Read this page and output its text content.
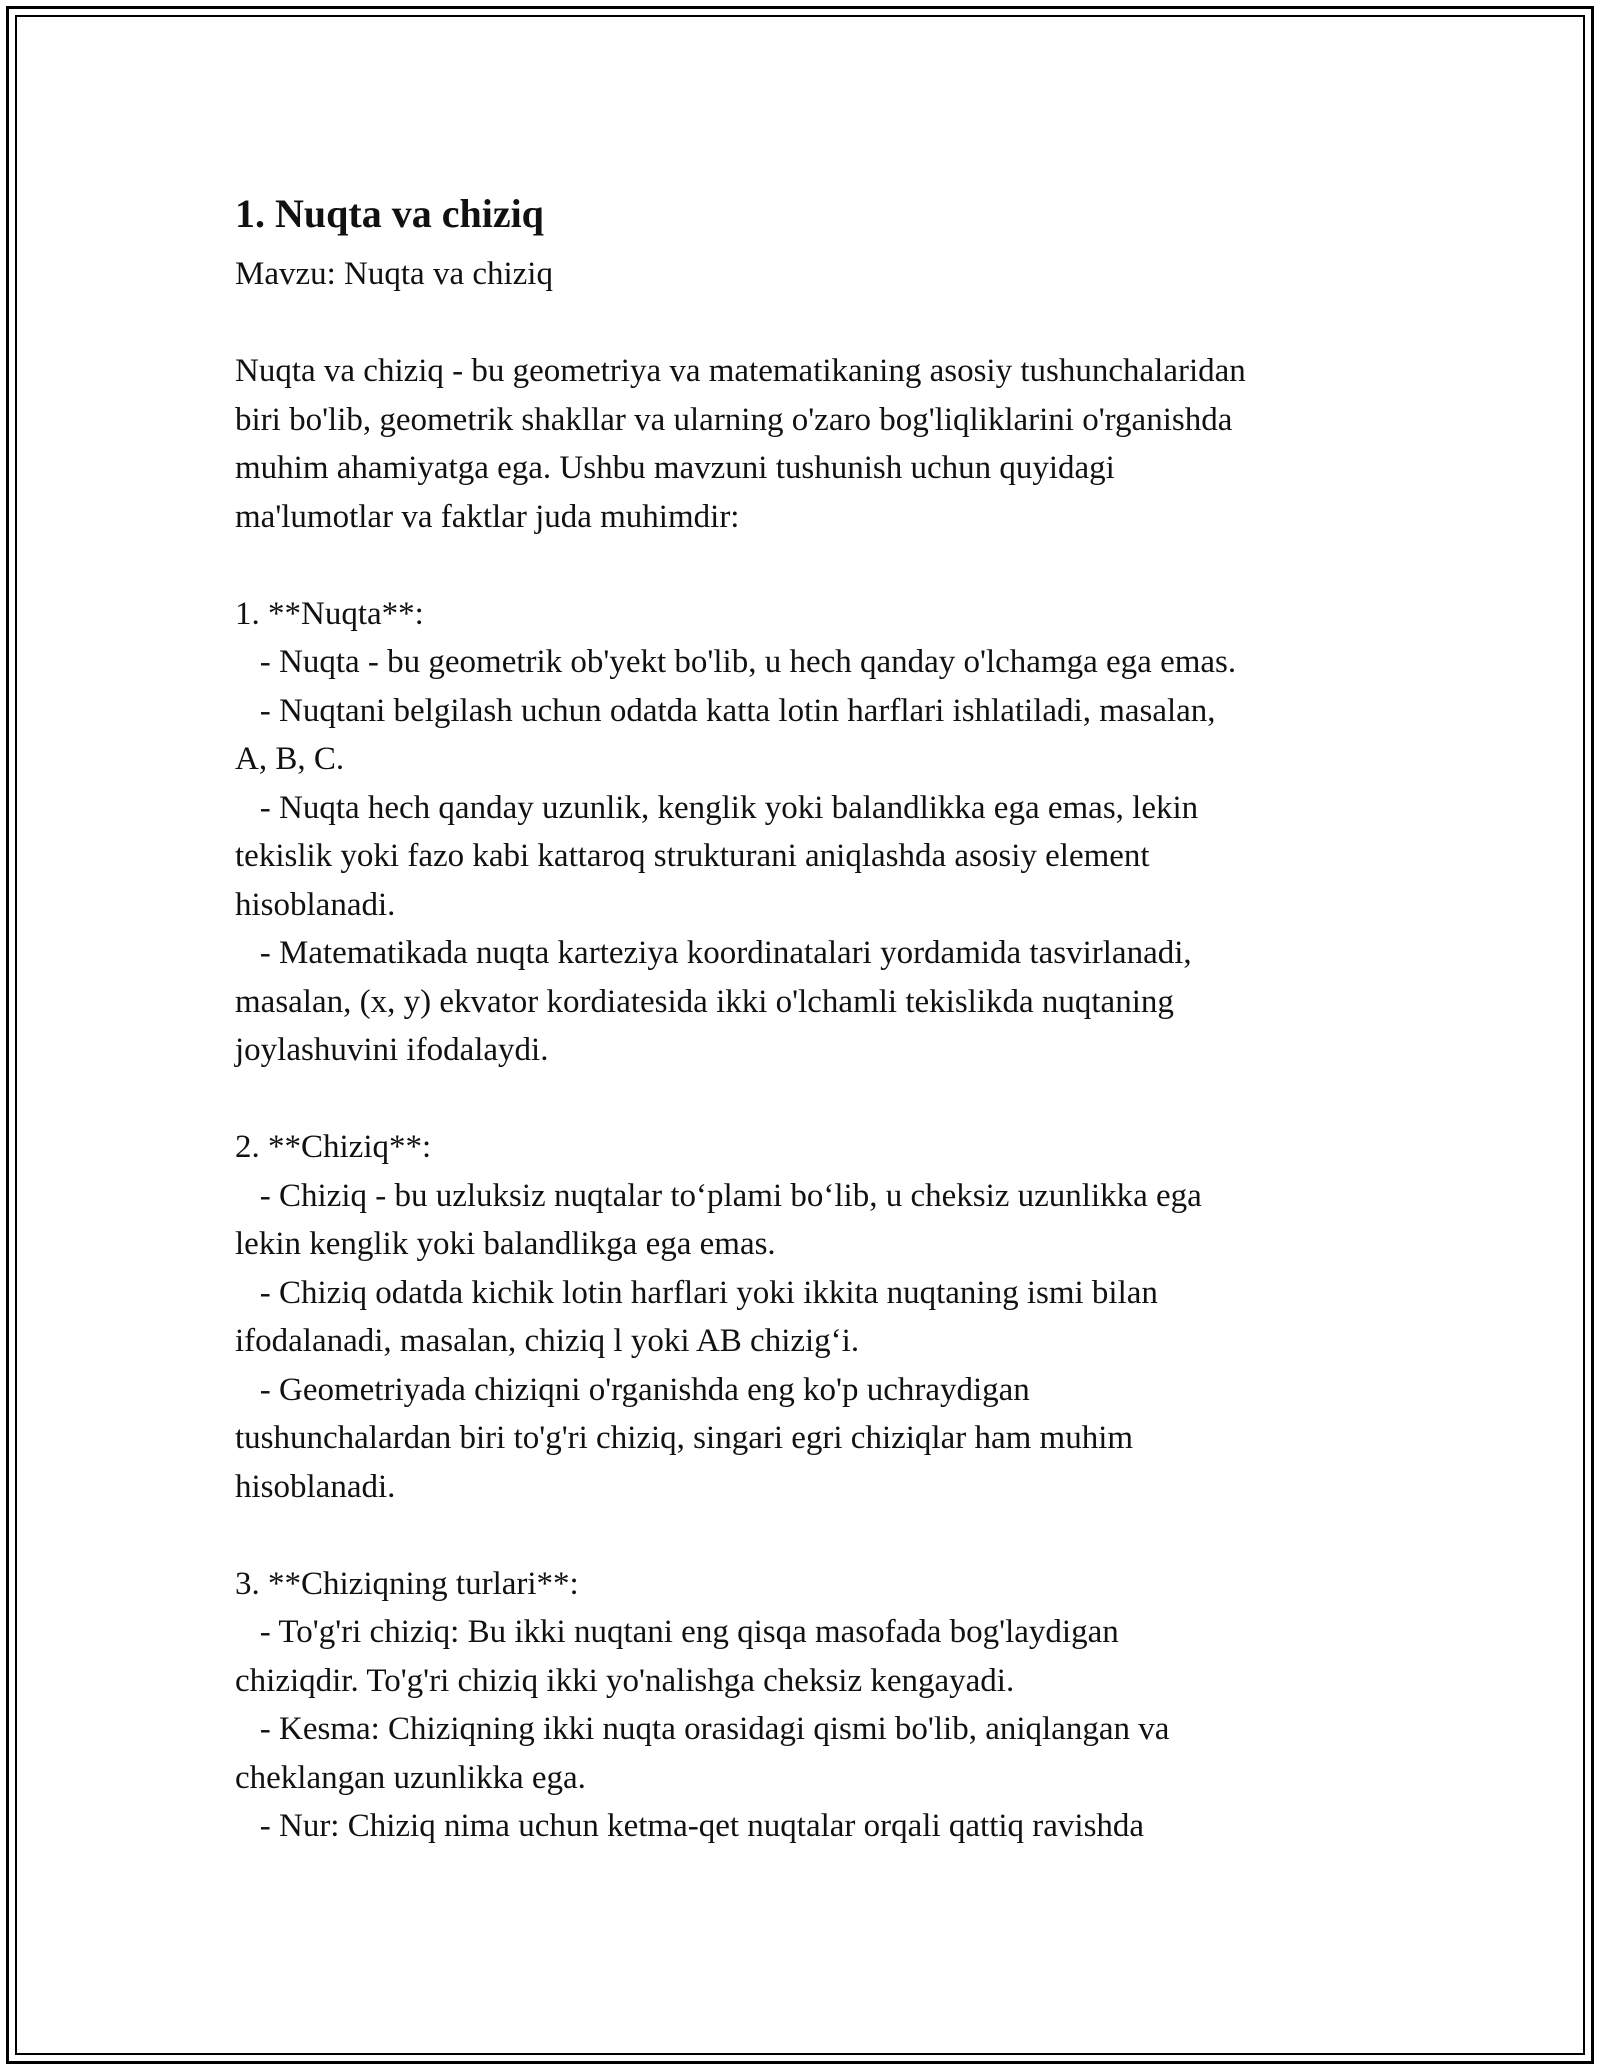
1. Nuqta va chiziq
Mavzu: Nuqta va chiziq
Nuqta va chiziq - bu geometriya va matematikaning asosiy tushunchalaridan
biri bo'lib, geometrik shakllar va ularning o'zaro bog'liqliklarini o'rganishda
muhim ahamiyatga ega. Ushbu mavzuni tushunish uchun quyidagi
ma'lumotlar va faktlar juda muhimdir:
1. **Nuqta**:
- Nuqta - bu geometrik ob'yekt bo'lib, u hech qanday o'lchamga ega emas.
- Nuqtani belgilash uchun odatda katta lotin harflari ishlatiladi, masalan,
A, B, C.
- Nuqta hech qanday uzunlik, kenglik yoki balandlikka ega emas, lekin
tekislik yoki fazo kabi kattaroq strukturani aniqlashda asosiy element
hisoblanadi.
- Matematikada nuqta karteziya koordinatalari yordamida tasvirlanadi,
masalan, (x, y) ekvator kordiatesida ikki o'lchamli tekislikda nuqtaning
joylashuvini ifodalaydi.
2. **Chiziq**:
- Chiziq - bu uzluksiz nuqtalar to‘plami bo‘lib, u cheksiz uzunlikka ega
lekin kenglik yoki balandlikga ega emas.
- Chiziq odatda kichik lotin harflari yoki ikkita nuqtaning ismi bilan
ifodalanadi, masalan, chiziq l yoki AB chizig‘i.
- Geometriyada chiziqni o'rganishda eng ko'p uchraydigan
tushunchalardan biri to'g'ri chiziq, singari egri chiziqlar ham muhim
hisoblanadi.
3. **Chiziqning turlari**:
- To'g'ri chiziq: Bu ikki nuqtani eng qisqa masofada bog'laydigan
chiziqdir. To'g'ri chiziq ikki yo'nalishga cheksiz kengayadi.
- Kesma: Chiziqning ikki nuqta orasidagi qismi bo'lib, aniqlangan va
cheklangan uzunlikka ega.
- Nur: Chiziq nima uchun ketma-qet nuqtalar orqali qattiq ravishda
